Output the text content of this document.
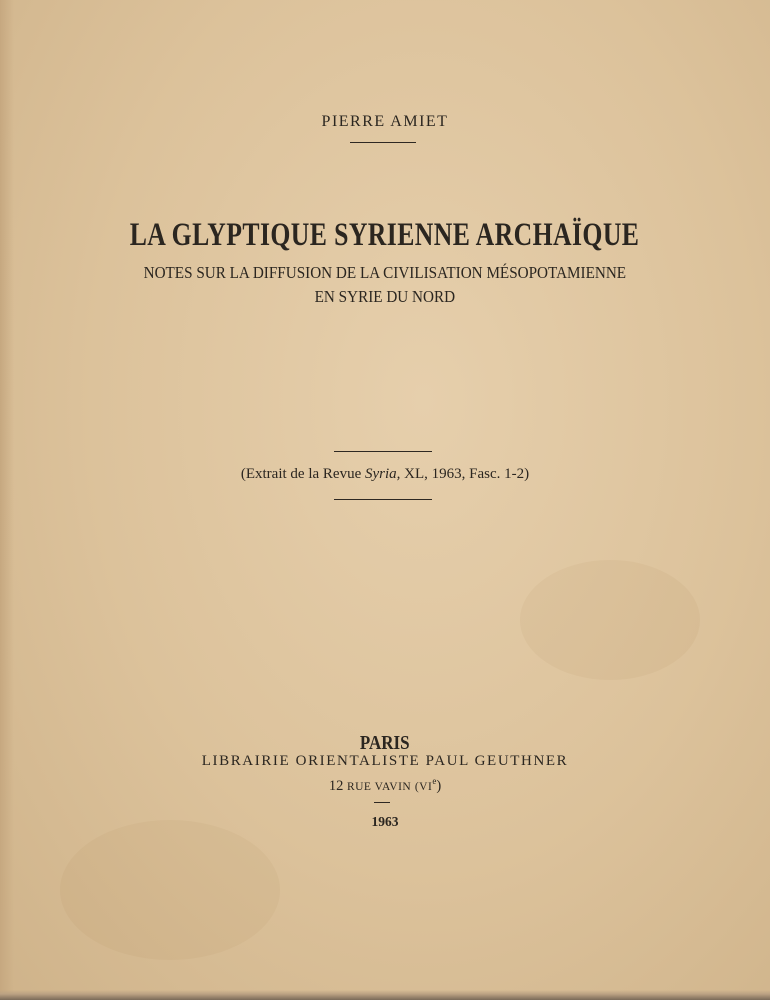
PIERRE AMIET
LA GLYPTIQUE SYRIENNE ARCHAÏQUE
NOTES SUR LA DIFFUSION DE LA CIVILISATION MÉSOPOTAMIENNE
EN SYRIE DU NORD
(Extrait de la Revue Syria, XL, 1963, Fasc. 1-2)
PARIS
LIBRAIRIE ORIENTALISTE PAUL GEUTHNER
12 RUE VAVIN (VIe)
1963
